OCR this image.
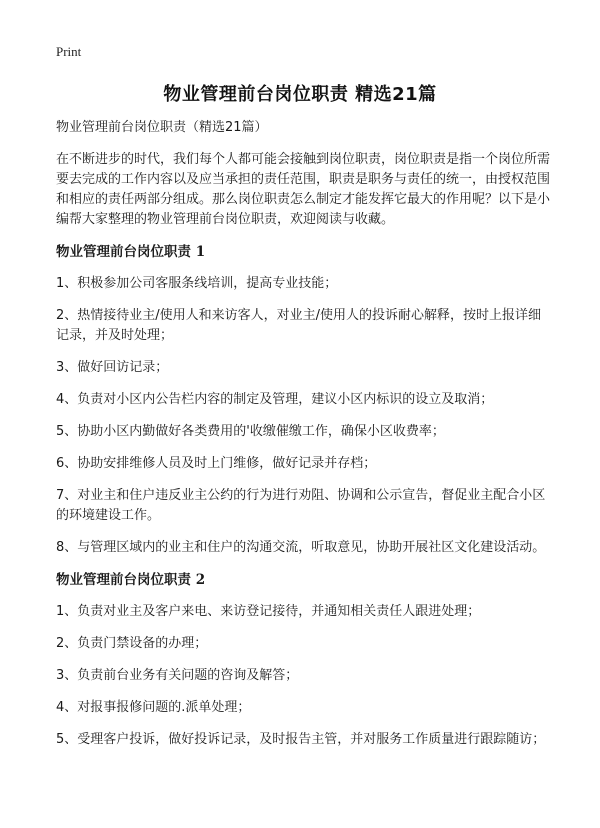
Print
物业管理前台岗位职责 精选21篇

物业管理前台岗位职责（精选21篇）

在不断进步的时代，我们每个人都可能会接触到岗位职责，岗位职责是指一个岗位所需要去完成的工作内容以及应当承担的责任范围，职责是职务与责任的统一，由授权范围和相应的责任两部分组成。那么岗位职责怎么制定才能发挥它最大的作用呢？以下是小编帮大家整理的物业管理前台岗位职责，欢迎阅读与收藏。

物业管理前台岗位职责 1

1、积极参加公司客服条线培训，提高专业技能；

2、热情接待业主/使用人和来访客人，对业主/使用人的投诉耐心解释，按时上报详细记录，并及时处理；

3、做好回访记录；

4、负责对小区内公告栏内容的制定及管理，建议小区内标识的设立及取消；

5、协助小区内勤做好各类费用的'收缴催缴工作，确保小区收费率；

6、协助安排维修人员及时上门维修，做好记录并存档；

7、对业主和住户违反业主公约的行为进行劝阻、协调和公示宣告，督促业主配合小区的环境建设工作。

8、与管理区域内的业主和住户的沟通交流，听取意见，协助开展社区文化建设活动。

物业管理前台岗位职责 2

1、负责对业主及客户来电、来访登记接待，并通知相关责任人跟进处理；

2、负责门禁设备的办理；

3、负责前台业务有关问题的咨询及解答；

4、对报事报修问题的.派单处理；

5、受理客户投诉，做好投诉记录，及时报告主管，并对服务工作质量进行跟踪随访；
